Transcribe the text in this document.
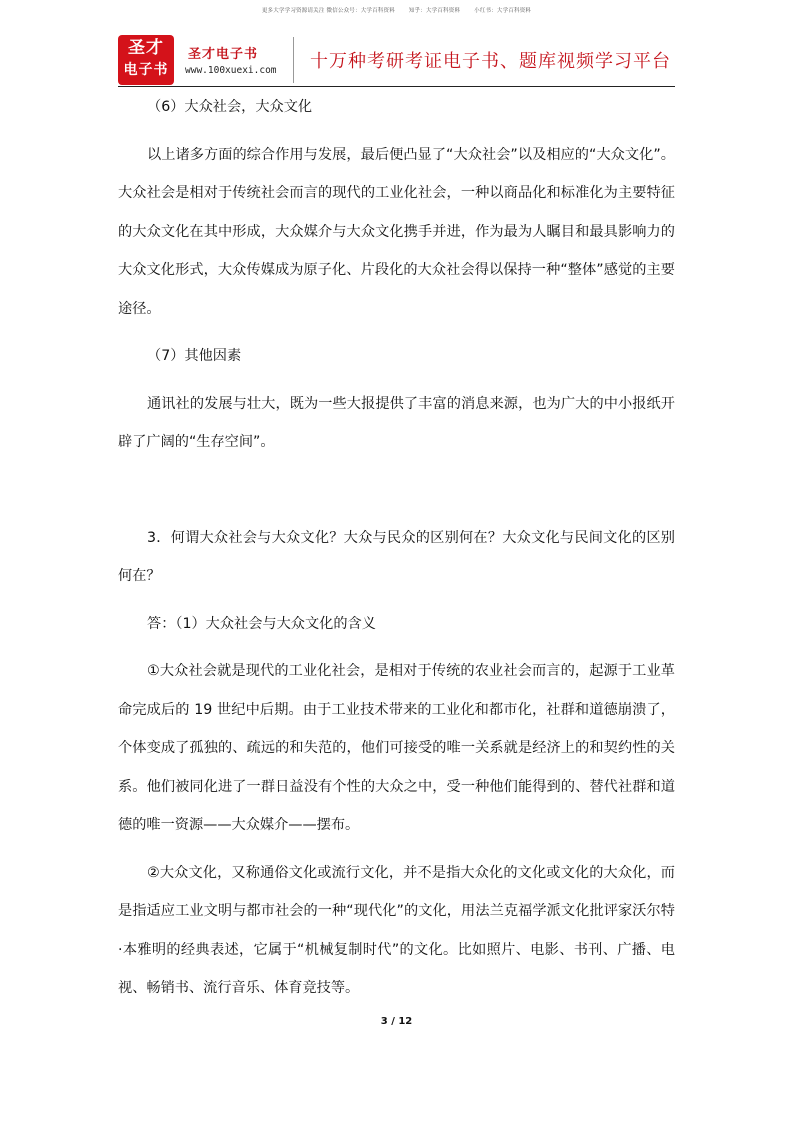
更多大学学习资源请关注 微信公众号：大学百科资料	知乎：大学百科资料	小红书：大学百科资料
圣才
电子书
圣才电子书
www.100xuexi.com 十万种考研考证电子书、题库视频学习平台

（6）大众社会，大众文化

以上诸多方面的综合作用与发展，最后便凸显了“大众社会”以及相应的“大众文化”。大众社会是相对于传统社会而言的现代的工业化社会，一种以商品化和标准化为主要特征的大众文化在其中形成，大众媒介与大众文化携手并进，作为最为人瞩目和最具影响力的大众文化形式，大众传媒成为原子化、片段化的大众社会得以保持一种“整体”感觉的主要途径。

（7）其他因素

通讯社的发展与壮大，既为一些大报提供了丰富的消息来源，也为广大的中小报纸开辟了广阔的“生存空间”。

3．何谓大众社会与大众文化？大众与民众的区别何在？大众文化与民间文化的区别何在？

答：（1）大众社会与大众文化的含义

①大众社会就是现代的工业化社会，是相对于传统的农业社会而言的，起源于工业革命完成后的 19 世纪中后期。由于工业技术带来的工业化和都市化，社群和道德崩溃了，个体变成了孤独的、疏远的和失范的，他们可接受的唯一关系就是经济上的和契约性的关系。他们被同化进了一群日益没有个性的大众之中，受一种他们能得到的、替代社群和道德的唯一资源——大众媒介——摆布。

②大众文化，又称通俗文化或流行文化，并不是指大众化的文化或文化的大众化，而是指适应工业文明与都市社会的一种“现代化”的文化，用法兰克福学派文化批评家沃尔特·本雅明的经典表述，它属于“机械复制时代”的文化。比如照片、电影、书刊、广播、电视、畅销书、流行音乐、体育竞技等。

3 / 12
